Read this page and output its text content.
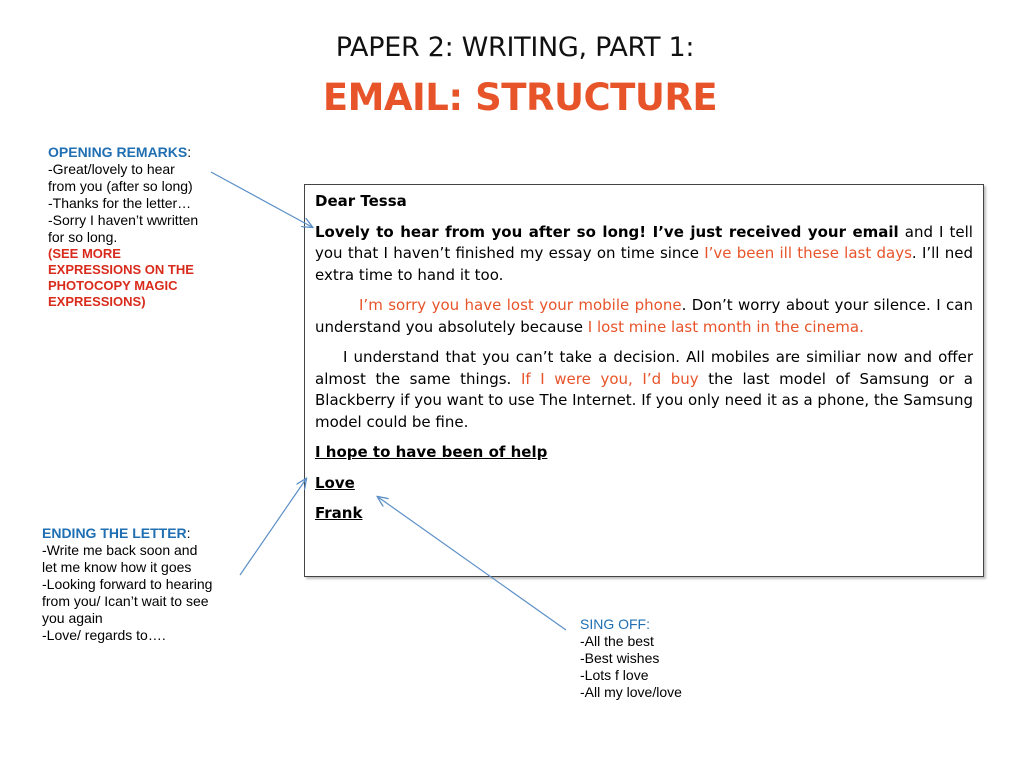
PAPER 2: WRITING, PART 1:
EMAIL: STRUCTURE
OPENING REMARKS:
-Great/lovely to hear
from you (after so long)
-Thanks for the letter…
-Sorry I haven’t wwritten
for so long.
(SEE MORE
EXPRESSIONS ON THE
PHOTOCOPY MAGIC
EXPRESSIONS)
ENDING THE LETTER:
-Write me back soon and
let me know how it goes
-Looking forward to hearing
from you/ Ican’t wait to see
you again
-Love/ regards to….
SING OFF:
-All the best
-Best wishes
-Lots f love
-All my love/love

Dear Tessa

Lovely to hear from you after so long! I’ve just received your email and I tell you that I haven’t finished my essay on time since I’ve been ill these last days. I’ll ned extra time to hand it too.

I’m sorry you have lost your mobile phone. Don’t worry about your silence. I can understand you absolutely because I lost mine last month in the cinema.

I understand that you can’t take a decision. All mobiles are similiar now and offer almost the same things. If I were you, I’d buy the last model of Samsung or a Blackberry if you want to use The Internet. If you only need it as a phone, the Samsung model could be fine.

I hope to have been of help

Love

Frank
